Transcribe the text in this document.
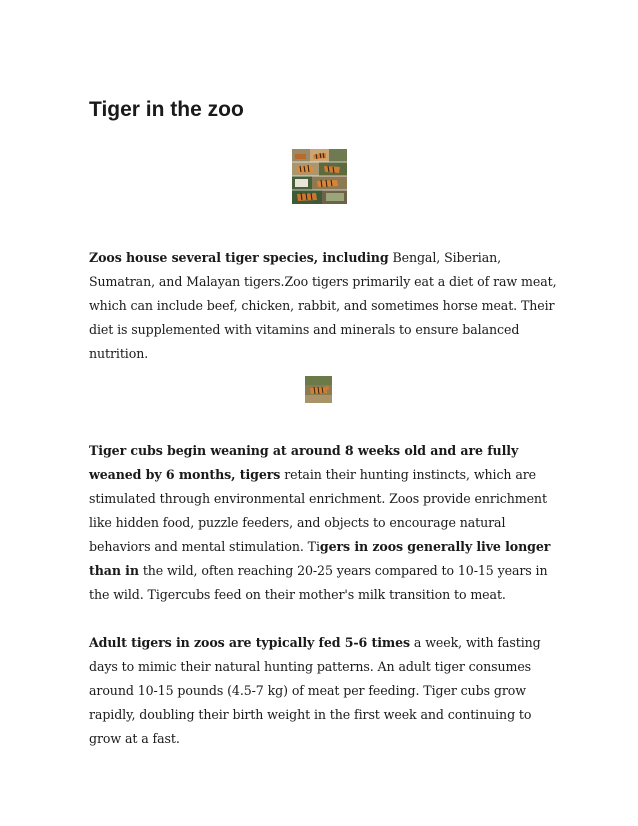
Tiger in the zoo

Zoos house several tiger species, including Bengal, Siberian, Sumatran, and Malayan tigers.Zoo tigers primarily eat a diet of raw meat, which can include beef, chicken, rabbit, and sometimes horse meat. Their diet is supplemented with vitamins and minerals to ensure balanced nutrition.

Tiger cubs begin weaning at around 8 weeks old and are fully weaned by 6 months, tigers retain their hunting instincts, which are stimulated through environmental enrichment. Zoos provide enrichment like hidden food, puzzle feeders, and objects to encourage natural behaviors and mental stimulation. Tigers in zoos generally live longer than in the wild, often reaching 20-25 years compared to 10-15 years in the wild. Tigercubs feed on their mother's milk transition to meat.

Adult tigers in zoos are typically fed 5-6 times a week, with fasting days to mimic their natural hunting patterns. An adult tiger consumes around 10-15 pounds (4.5-7 kg) of meat per feeding. Tiger cubs grow rapidly, doubling their birth weight in the first week and continuing to grow at a fast.
